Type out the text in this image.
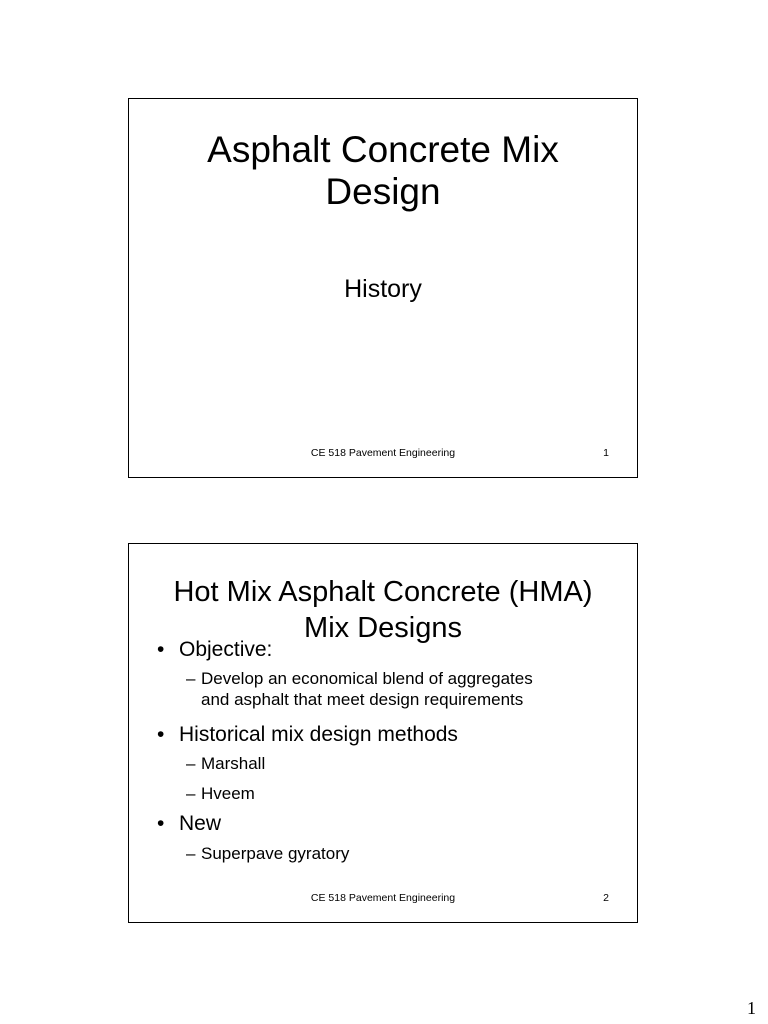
Asphalt Concrete Mix
Design
History
CE 518 Pavement Engineering	1
Hot Mix Asphalt Concrete (HMA)
Mix Designs
• Objective:
– Develop an economical blend of aggregates
and asphalt that meet design requirements
• Historical mix design methods
– Marshall
– Hveem
• New
– Superpave gyratory
CE 518 Pavement Engineering	2
1
